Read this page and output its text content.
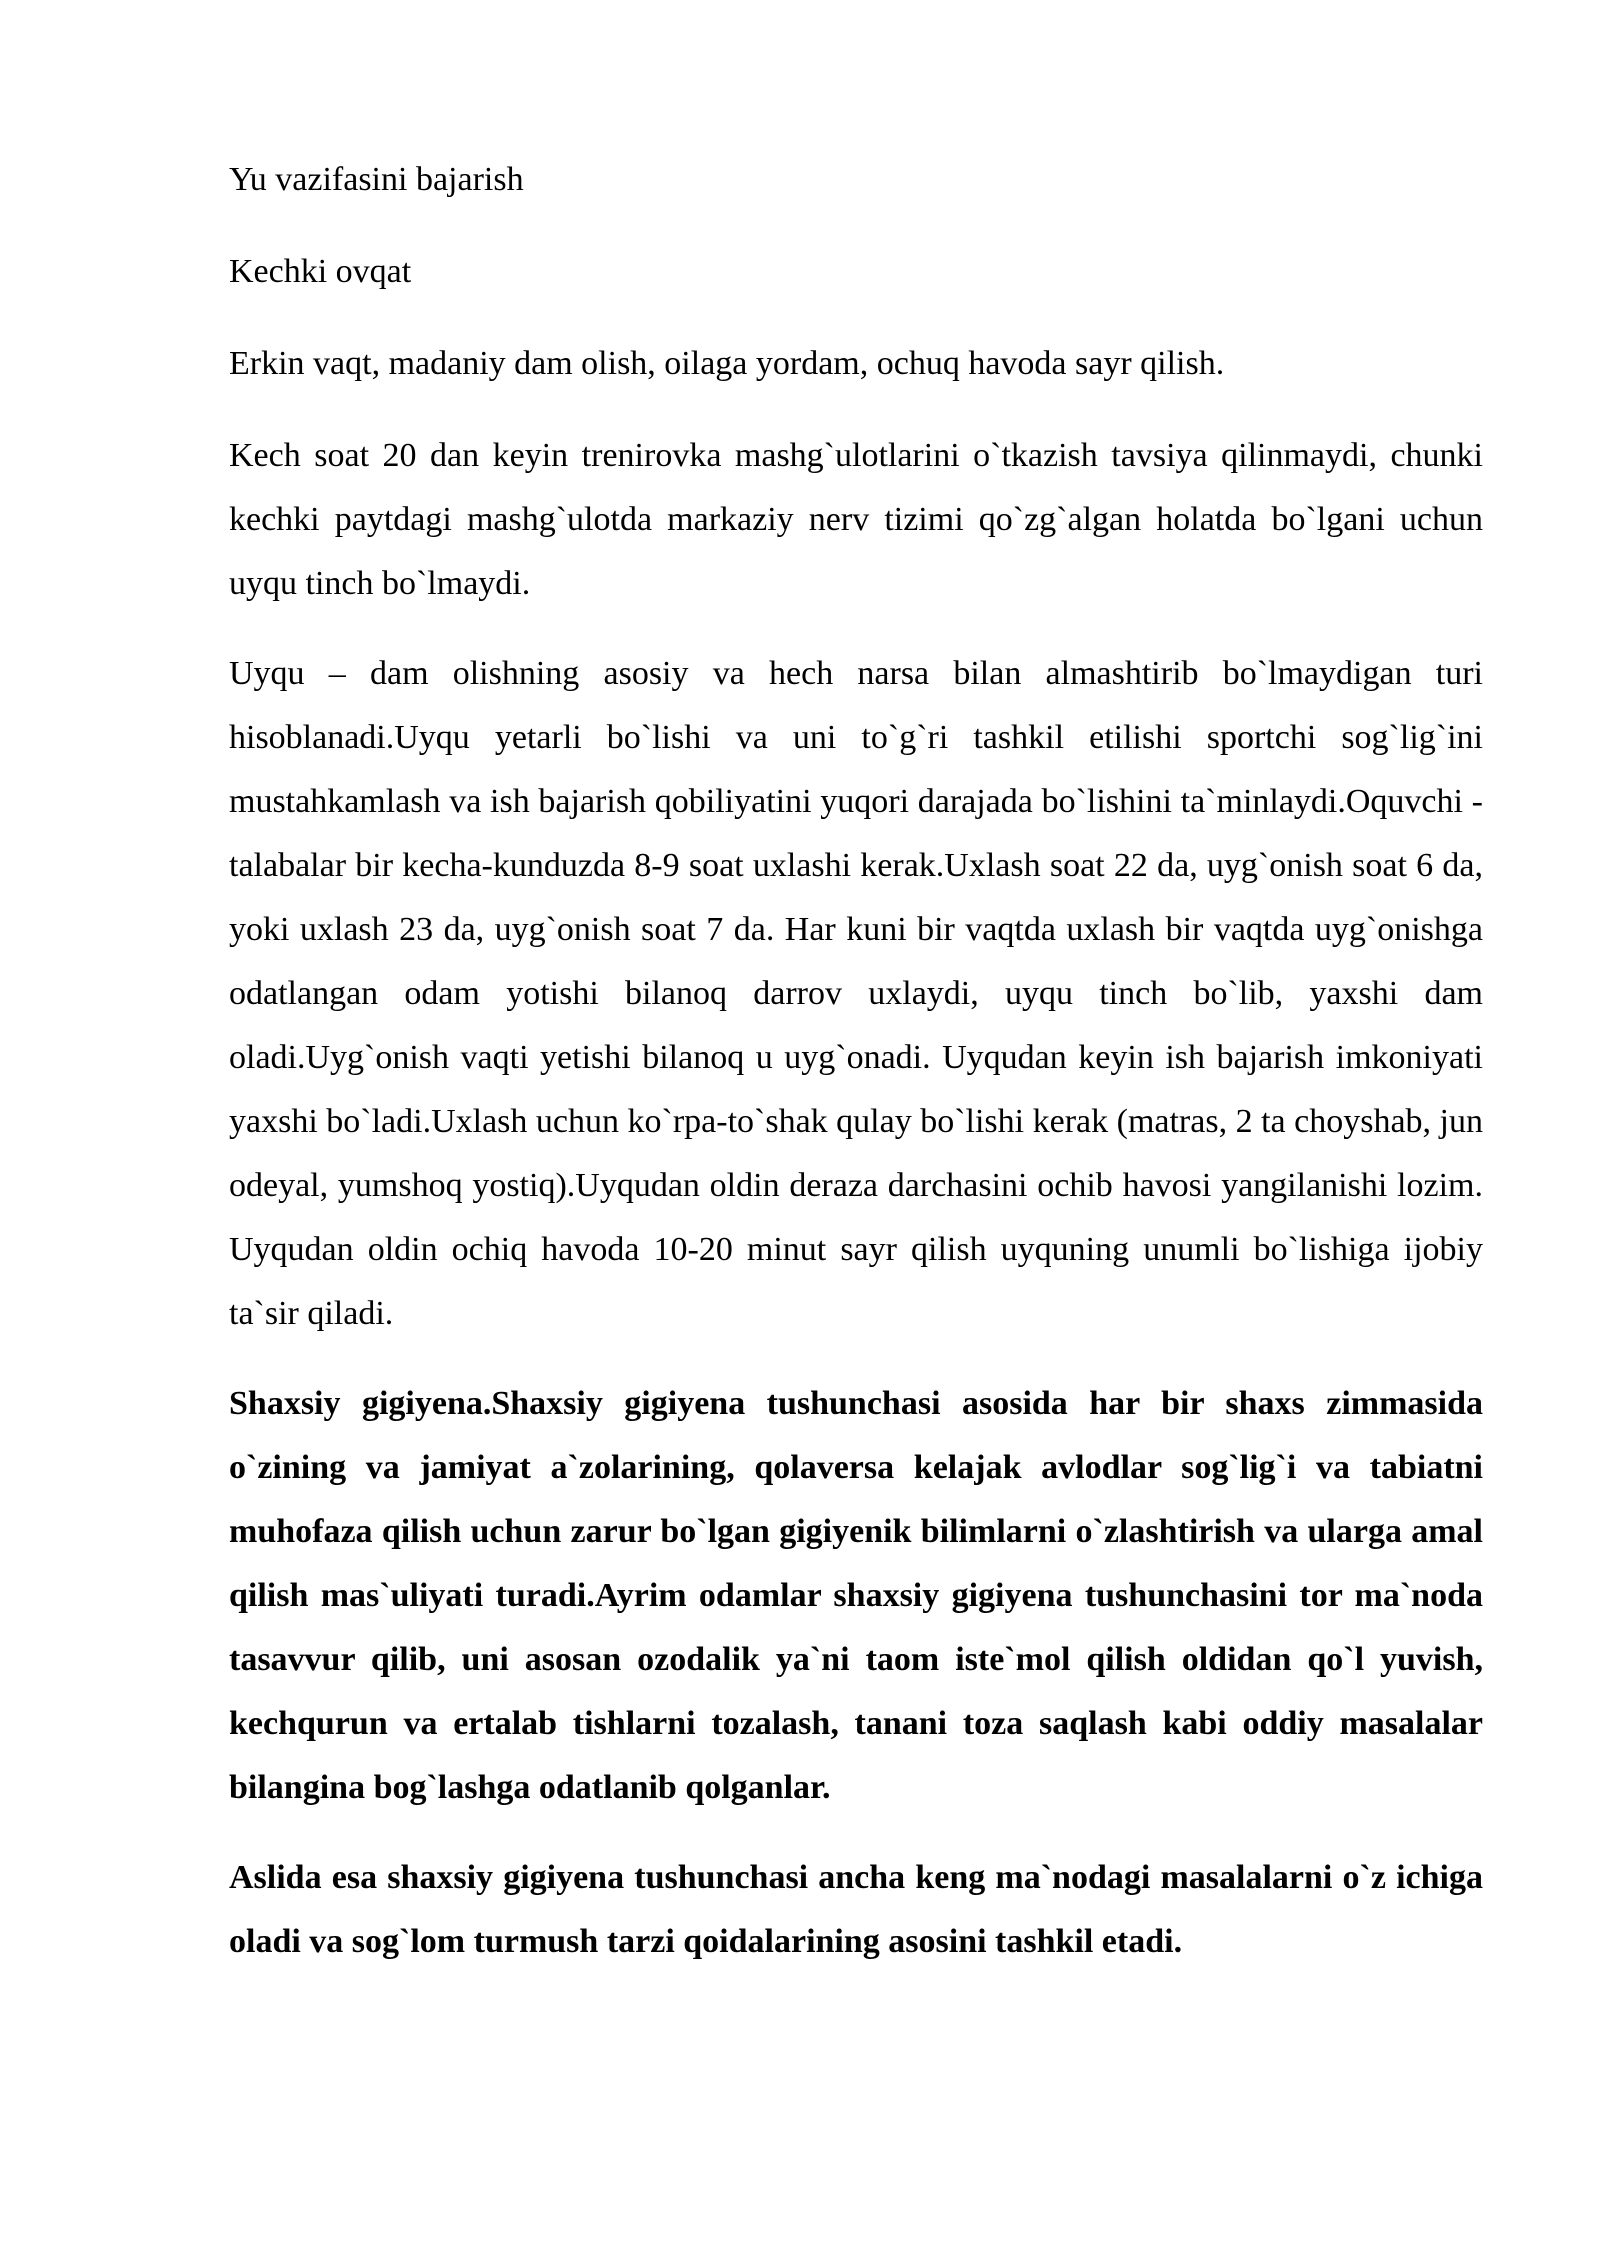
Yu vazifasini bajarish
Kechki ovqat
Erkin vaqt, madaniy dam olish, oilaga yordam, ochuq havoda sayr qilish.

Kech soat 20 dan keyin trenirovka mashg`ulotlarini o`tkazish tavsiya qilinmaydi, chunki kechki paytdagi mashg`ulotda markaziy nerv tizimi qo`zg`algan holatda bo`lgani uchun uyqu tinch bo`lmaydi.

Uyqu – dam olishning asosiy va hech narsa bilan almashtirib bo`lmaydigan turi hisoblanadi.Uyqu yetarli bo`lishi va uni to`g`ri tashkil etilishi sportchi sog`lig`ini mustahkamlash va ish bajarish qobiliyatini yuqori darajada bo`lishini ta`minlaydi.Oquvchi - talabalar bir kecha-kunduzda 8-9 soat uxlashi kerak.Uxlash soat 22 da, uyg`onish soat 6 da, yoki uxlash 23 da, uyg`onish soat 7 da. Har kuni bir vaqtda uxlash bir vaqtda uyg`onishga odatlangan odam yotishi bilanoq darrov uxlaydi, uyqu tinch bo`lib, yaxshi dam oladi.Uyg`onish vaqti yetishi bilanoq u uyg`onadi. Uyqudan keyin ish bajarish imkoniyati yaxshi bo`ladi.Uxlash uchun ko`rpa-to`shak qulay bo`lishi kerak (matras, 2 ta choyshab, jun odeyal, yumshoq yostiq).Uyqudan oldin deraza darchasini ochib havosi yangilanishi lozim. Uyqudan oldin ochiq havoda 10-20 minut sayr qilish uyquning unumli bo`lishiga ijobiy ta`sir qiladi.

Shaxsiy gigiyena.Shaxsiy gigiyena tushunchasi asosida har bir shaxs zimmasida o`zining va jamiyat a`zolarining, qolaversa kelajak avlodlar sog`lig`i va tabiatni muhofaza qilish uchun zarur bo`lgan gigiyenik bilimlarni o`zlashtirish va ularga amal qilish mas`uliyati turadi.Ayrim odamlar shaxsiy gigiyena tushunchasini tor ma`noda tasavvur qilib, uni asosan ozodalik ya`ni taom iste`mol qilish oldidan qo`l yuvish, kechqurun va ertalab tishlarni tozalash, tanani toza saqlash kabi oddiy masalalar bilangina bog`lashga odatlanib qolganlar.

Aslida esa shaxsiy gigiyena tushunchasi ancha keng ma`nodagi masalalarni o`z ichiga oladi va sog`lom turmush tarzi qoidalarining asosini tashkil etadi.
